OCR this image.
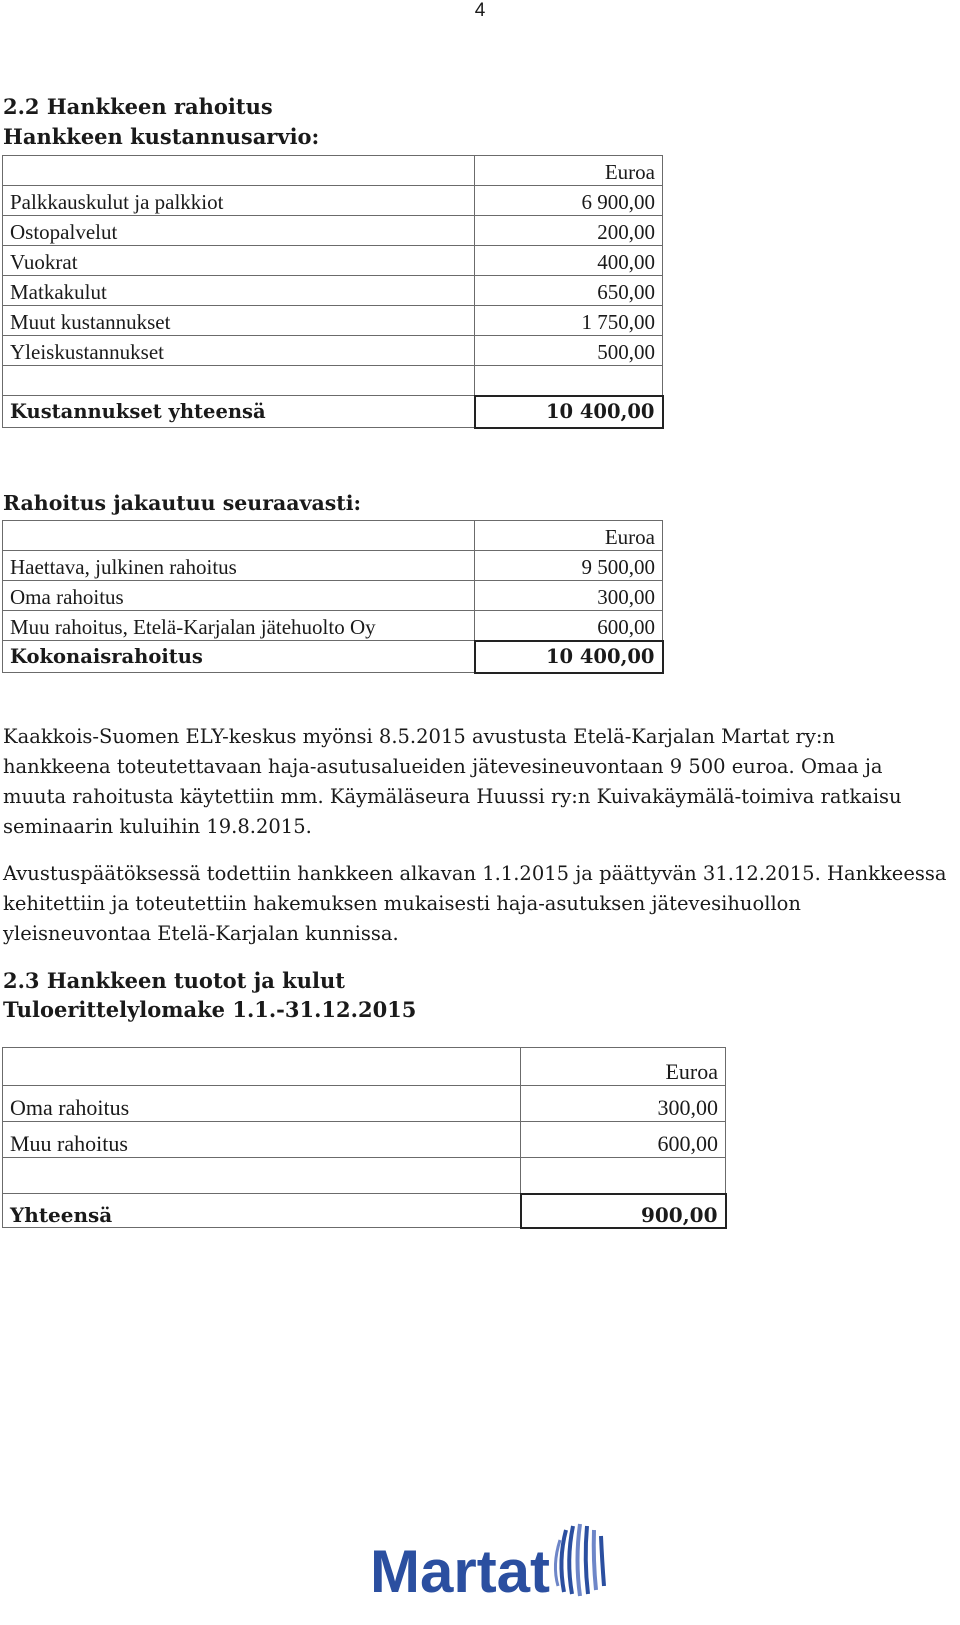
4
2.2 Hankkeen rahoitus
Hankkeen kustannusarvio:
	Euroa
Palkkauskulut ja palkkiot	6 900,00
Ostopalvelut	200,00
Vuokrat	400,00
Matkakulut	650,00
Muut kustannukset	1 750,00
Yleiskustannukset	500,00

Kustannukset yhteensä	10 400,00
Rahoitus jakautuu seuraavasti:
	Euroa
Haettava, julkinen rahoitus	9 500,00
Oma rahoitus	300,00
Muu rahoitus, Etelä-Karjalan jätehuolto Oy	600,00
Kokonaisrahoitus	10 400,00
Kaakkois-Suomen ELY-keskus myönsi 8.5.2015 avustusta Etelä-Karjalan Martat ry:n
hankkeena toteutettavaan haja-asutusalueiden jätevesineuvontaan 9 500 euroa. Omaa ja
muuta rahoitusta käytettiin mm. Käymäläseura Huussi ry:n Kuivakäymälä-toimiva ratkaisu
seminaarin kuluihin 19.8.2015.
Avustuspäätöksessä todettiin hankkeen alkavan 1.1.2015 ja päättyvän 31.12.2015. Hankkeessa
kehitettiin ja toteutettiin hakemuksen mukaisesti haja-asutuksen jätevesihuollon
yleisneuvontaa Etelä-Karjalan kunnissa.
2.3 Hankkeen tuotot ja kulut
Tuloerittelylomake 1.1.-31.12.2015
	Euroa
Oma rahoitus	300,00
Muu rahoitus	600,00

Yhteensä	900,00
Martat
